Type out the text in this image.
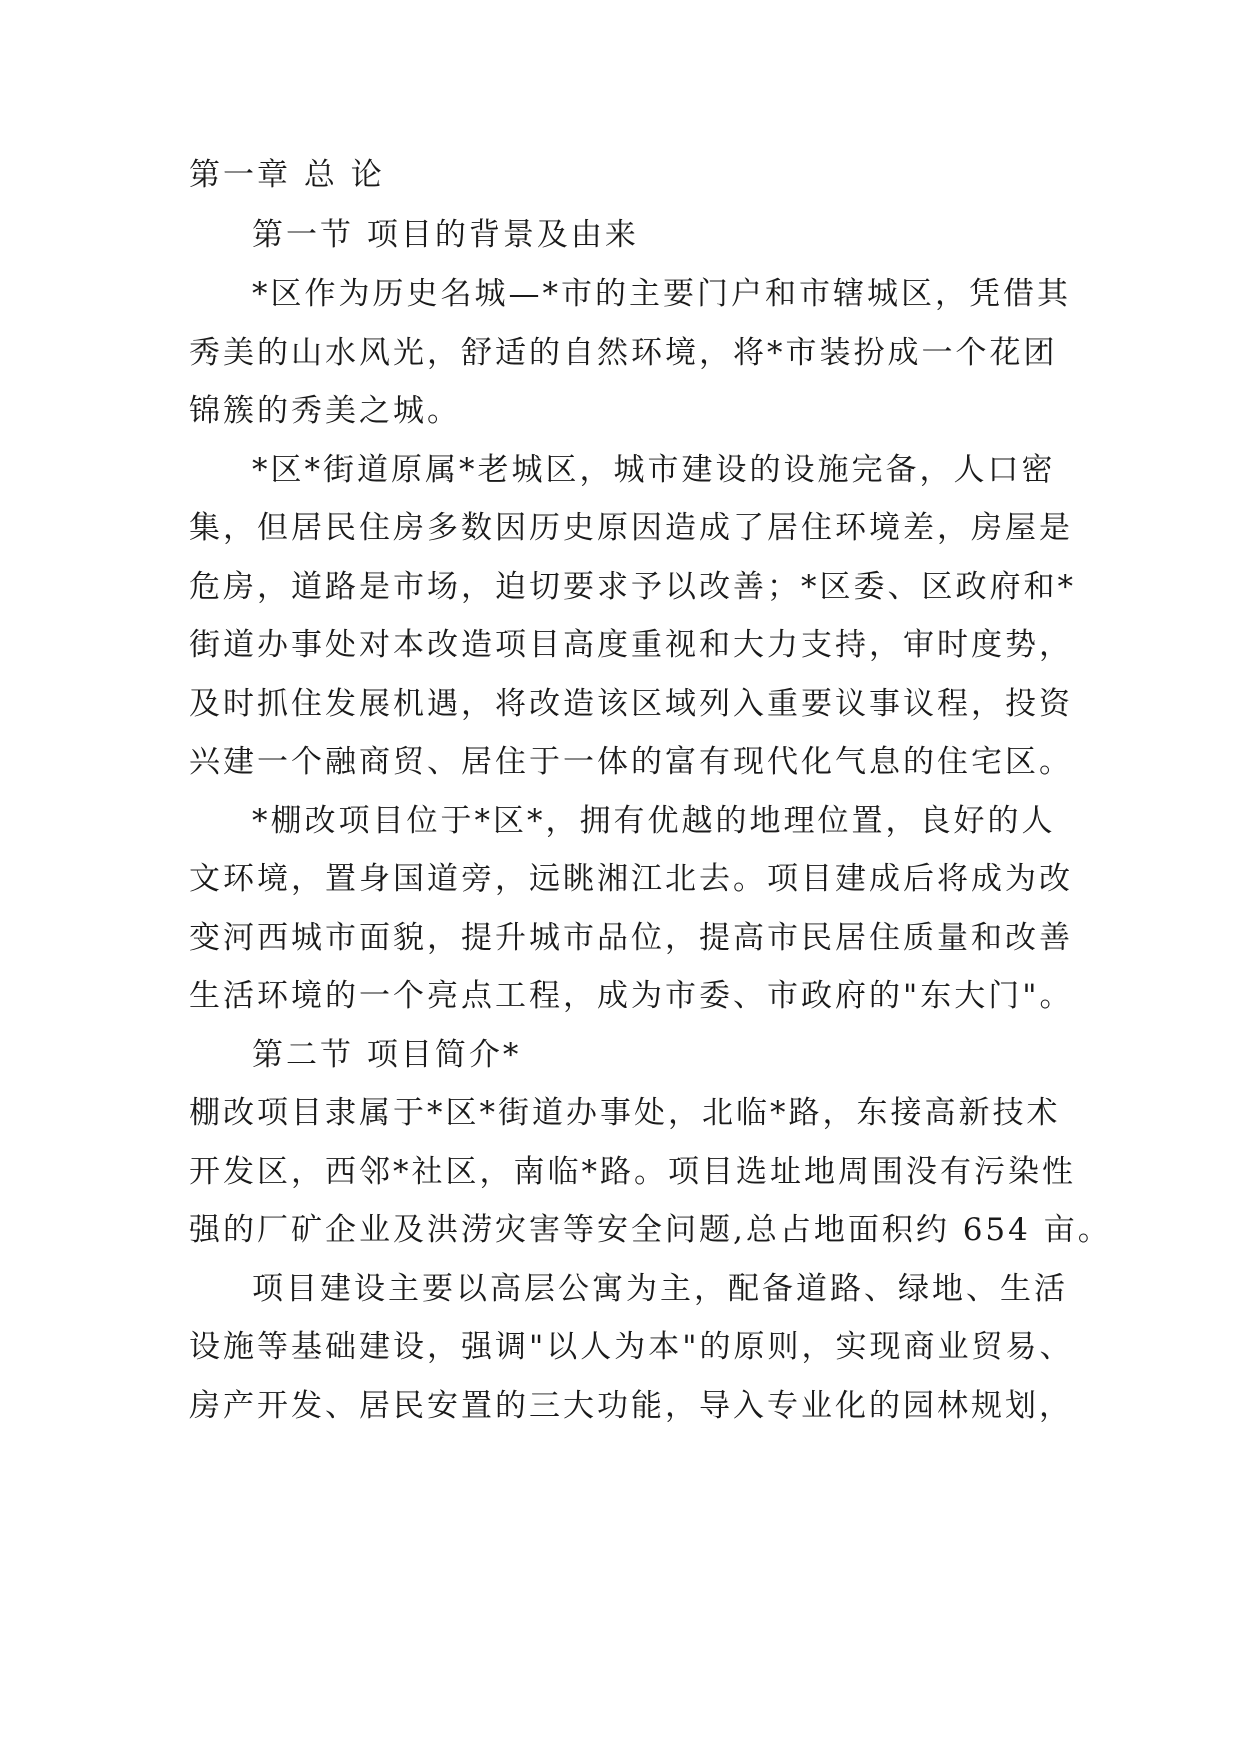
第一章 总 论
第一节 项目的背景及由来
*区作为历史名城—*市的主要门户和市辖城区，凭借其
秀美的山水风光，舒适的自然环境，将*市装扮成一个花团
锦簇的秀美之城。
*区*街道原属*老城区，城市建设的设施完备，人口密
集，但居民住房多数因历史原因造成了居住环境差，房屋是
危房，道路是市场，迫切要求予以改善；*区委、区政府和*
街道办事处对本改造项目高度重视和大力支持，审时度势，
及时抓住发展机遇，将改造该区域列入重要议事议程，投资
兴建一个融商贸、居住于一体的富有现代化气息的住宅区。
*棚改项目位于*区*，拥有优越的地理位置，良好的人
文环境，置身国道旁，远眺湘江北去。项目建成后将成为改
变河西城市面貌，提升城市品位，提高市民居住质量和改善
生活环境的一个亮点工程，成为市委、市政府的"东大门"。
第二节 项目简介*
棚改项目隶属于*区*街道办事处，北临*路，东接高新技术
开发区，西邻*社区，南临*路。项目选址地周围没有污染性
强的厂矿企业及洪涝灾害等安全问题,总占地面积约 654 亩。
项目建设主要以高层公寓为主，配备道路、绿地、生活
设施等基础建设，强调"以人为本"的原则，实现商业贸易、
房产开发、居民安置的三大功能，导入专业化的园林规划，
